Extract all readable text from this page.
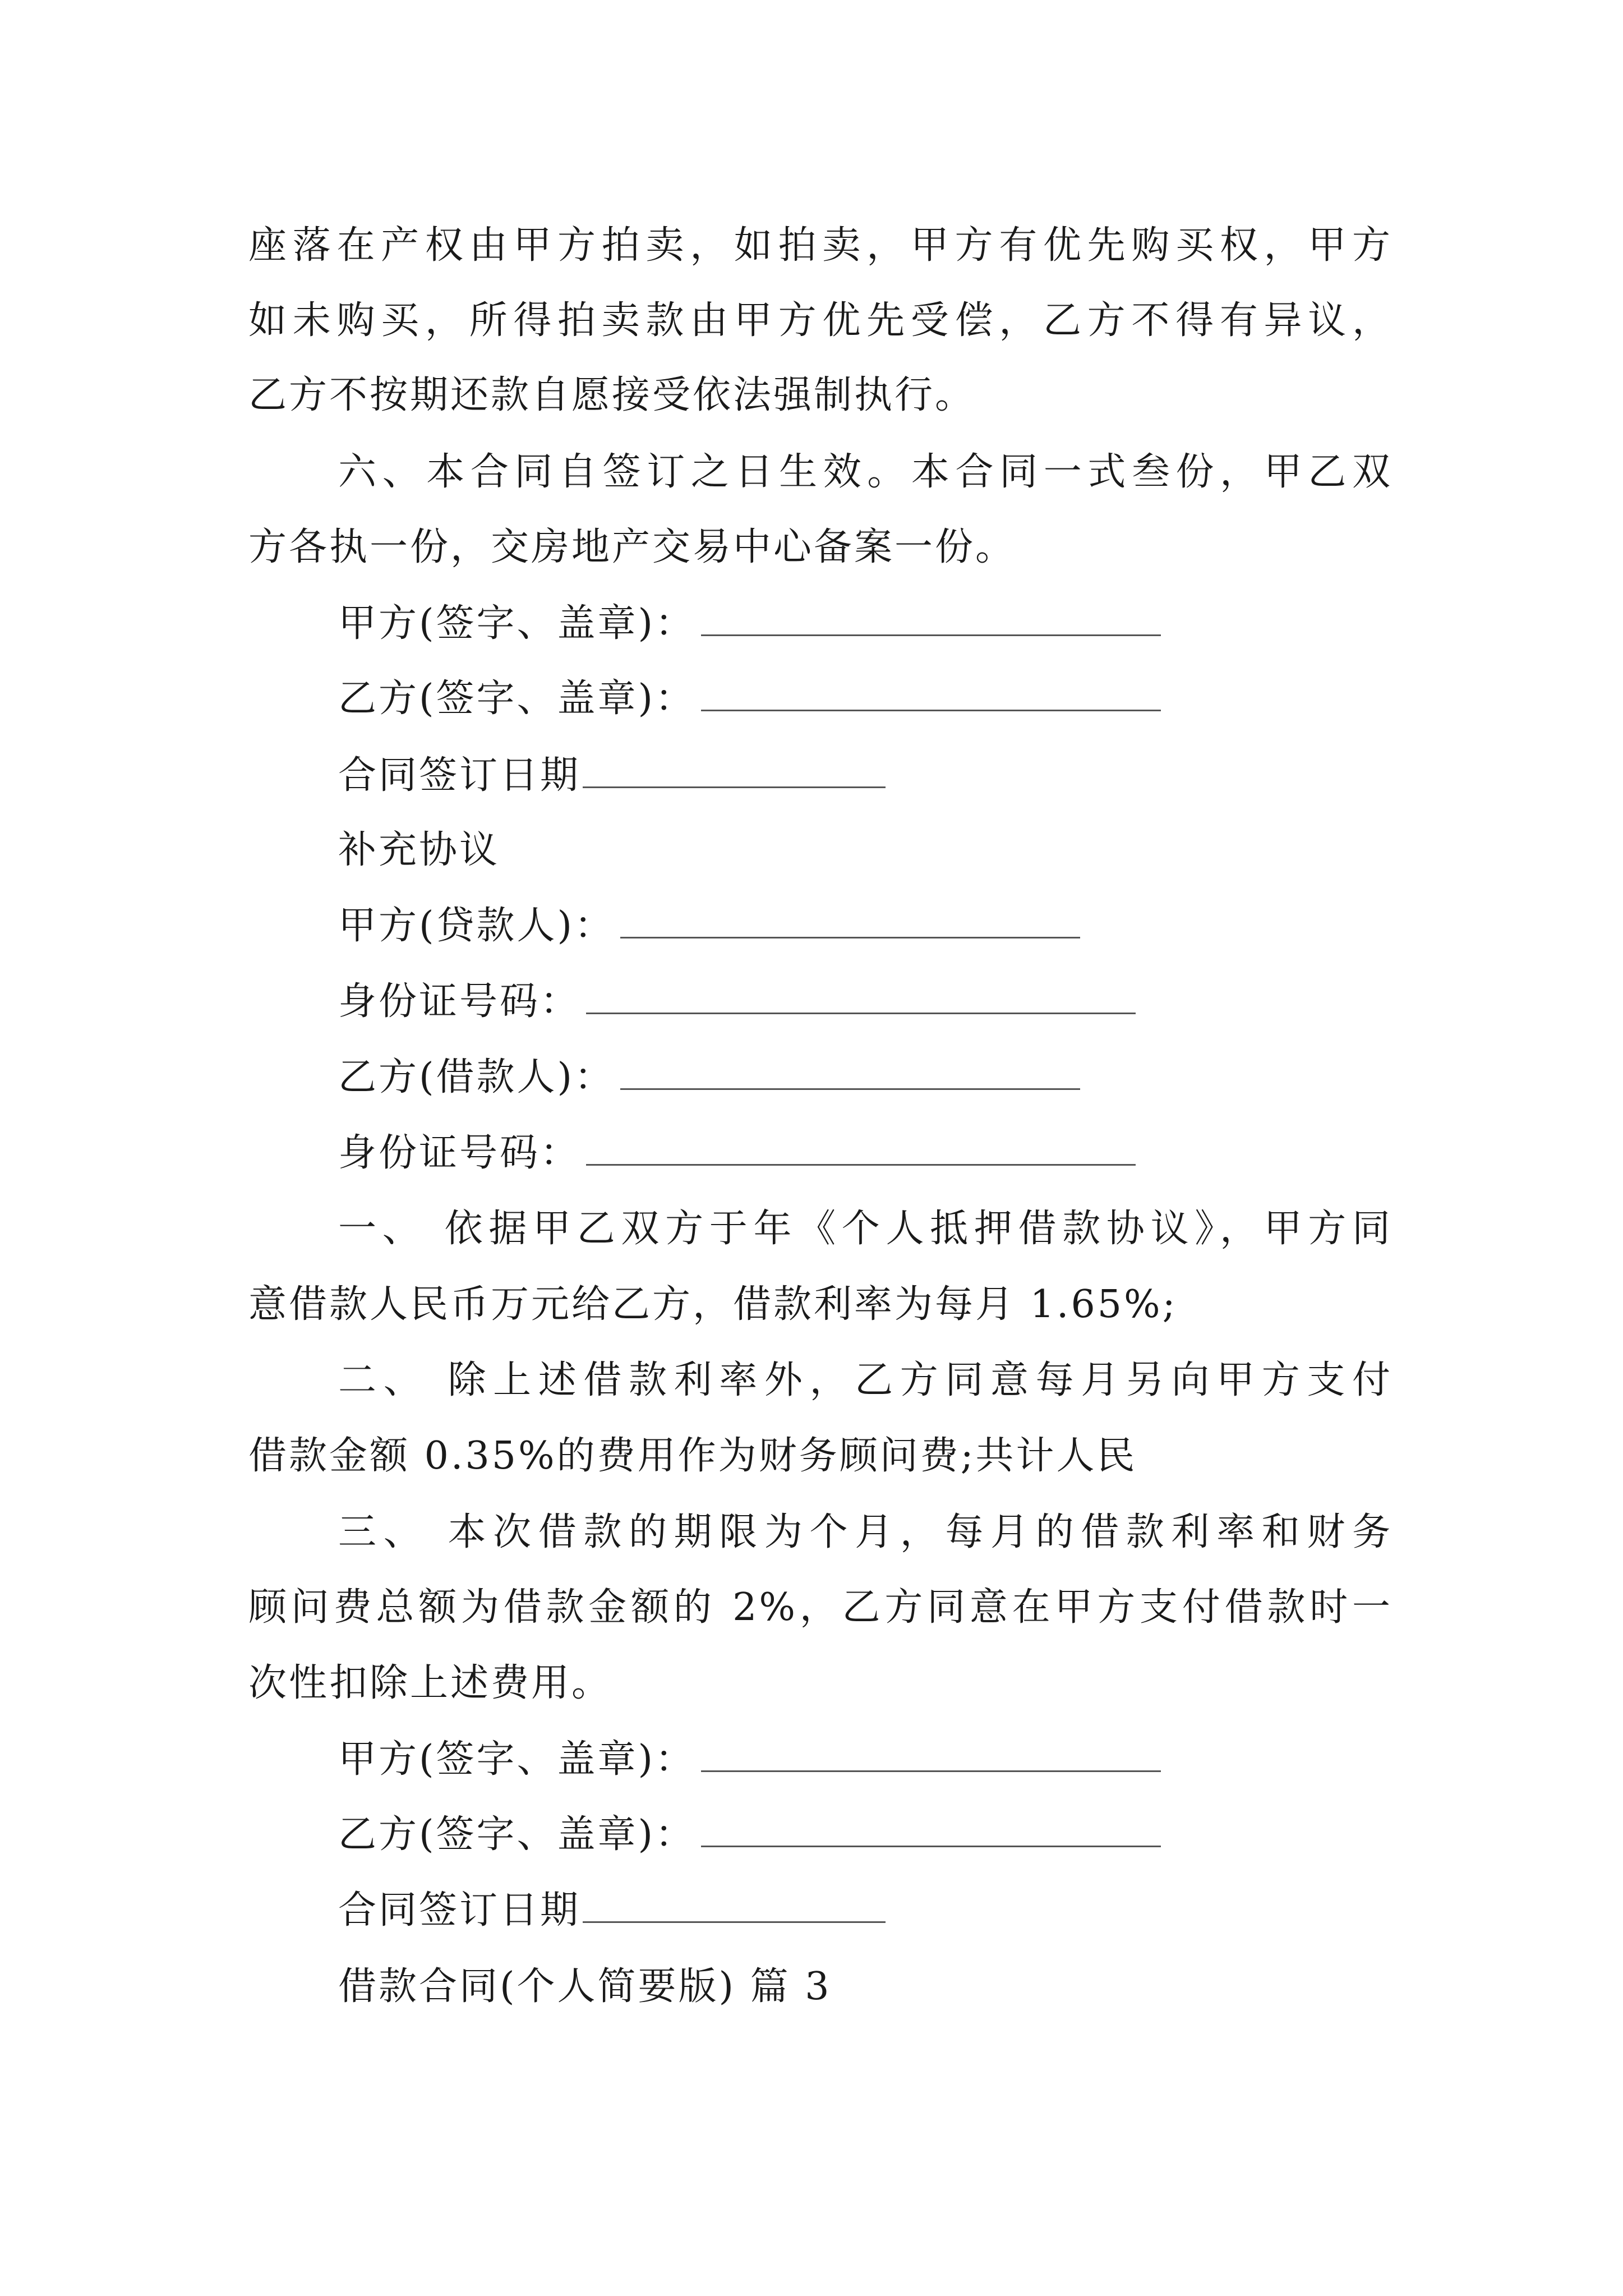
座落在产权由甲方拍卖，如拍卖，甲方有优先购买权，甲方
如未购买，所得拍卖款由甲方优先受偿，乙方不得有异议，
乙方不按期还款自愿接受依法强制执行。
六、本合同自签订之日生效。本合同一式叁份，甲乙双
方各执一份，交房地产交易中心备案一份。
甲方(签字、盖章)：
乙方(签字、盖章)：
合同签订日期
补充协议
甲方(贷款人)：
身份证号码：
乙方(借款人)：
身份证号码：
一、 依据甲乙双方于年《个人抵押借款协议》，甲方同
意借款人民币万元给乙方，借款利率为每月 1.65%;
二、 除上述借款利率外，乙方同意每月另向甲方支付
借款金额 0.35%的费用作为财务顾问费;共计人民
三、 本次借款的期限为个月，每月的借款利率和财务
顾问费总额为借款金额的 2%，乙方同意在甲方支付借款时一
次性扣除上述费用。
甲方(签字、盖章)：
乙方(签字、盖章)：
合同签订日期
借款合同(个人简要版) 篇 3
